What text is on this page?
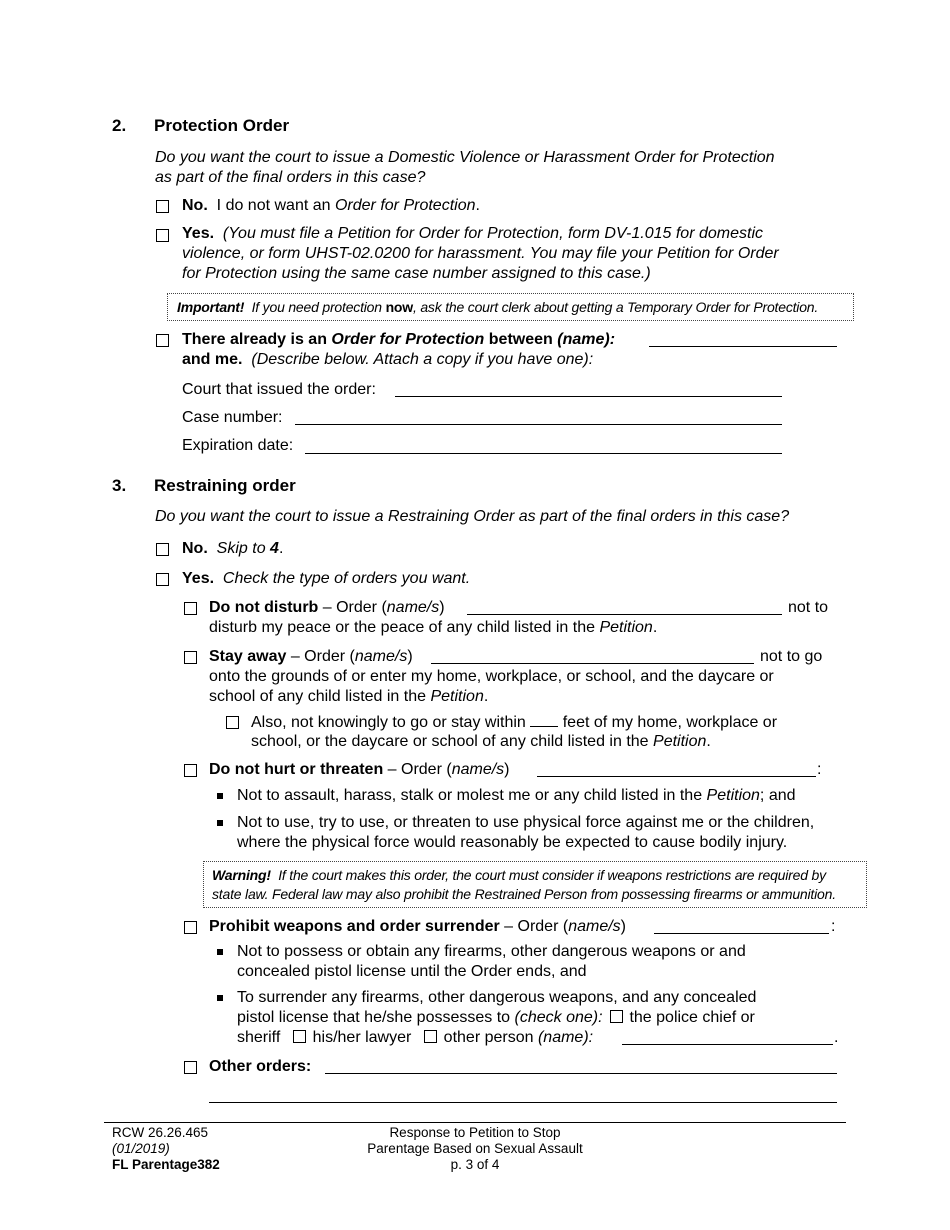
2. Protection Order
Do you want the court to issue a Domestic Violence or Harassment Order for Protection
as part of the final orders in this case?
No. I do not want an Order for Protection.
Yes. (You must file a Petition for Order for Protection, form DV-1.015 for domestic
violence, or form UHST-02.0200 for harassment. You may file your Petition for Order
for Protection using the same case number assigned to this case.)
Important! If you need protection now, ask the court clerk about getting a Temporary Order for Protection.
There already is an Order for Protection between (name):
and me. (Describe below. Attach a copy if you have one):
Court that issued the order:
Case number:
Expiration date:
3. Restraining order
Do you want the court to issue a Restraining Order as part of the final orders in this case?
No. Skip to 4.
Yes. Check the type of orders you want.
Do not disturb – Order (name/s)	not to
disturb my peace or the peace of any child listed in the Petition.
Stay away – Order (name/s)	not to go
onto the grounds of or enter my home, workplace, or school, and the daycare or
school of any child listed in the Petition.
Also, not knowingly to go or stay within feet of my home, workplace or
school, or the daycare or school of any child listed in the Petition.
Do not hurt or threaten – Order (name/s)	:
Not to assault, harass, stalk or molest me or any child listed in the Petition; and
Not to use, try to use, or threaten to use physical force against me or the children,
where the physical force would reasonably be expected to cause bodily injury.
Warning! If the court makes this order, the court must consider if weapons restrictions are required by
state law. Federal law may also prohibit the Restrained Person from possessing firearms or ammunition.
Prohibit weapons and order surrender – Order (name/s)	:
Not to possess or obtain any firearms, other dangerous weapons or and
concealed pistol license until the Order ends, and
To surrender any firearms, other dangerous weapons, and any concealed
pistol license that he/she possesses to (check one): the police chief or
sheriff his/her lawyer other person (name):	.
Other orders:
RCW 26.26.465
(01/2019)
FL Parentage382
Response to Petition to Stop
Parentage Based on Sexual Assault
p. 3 of 4
